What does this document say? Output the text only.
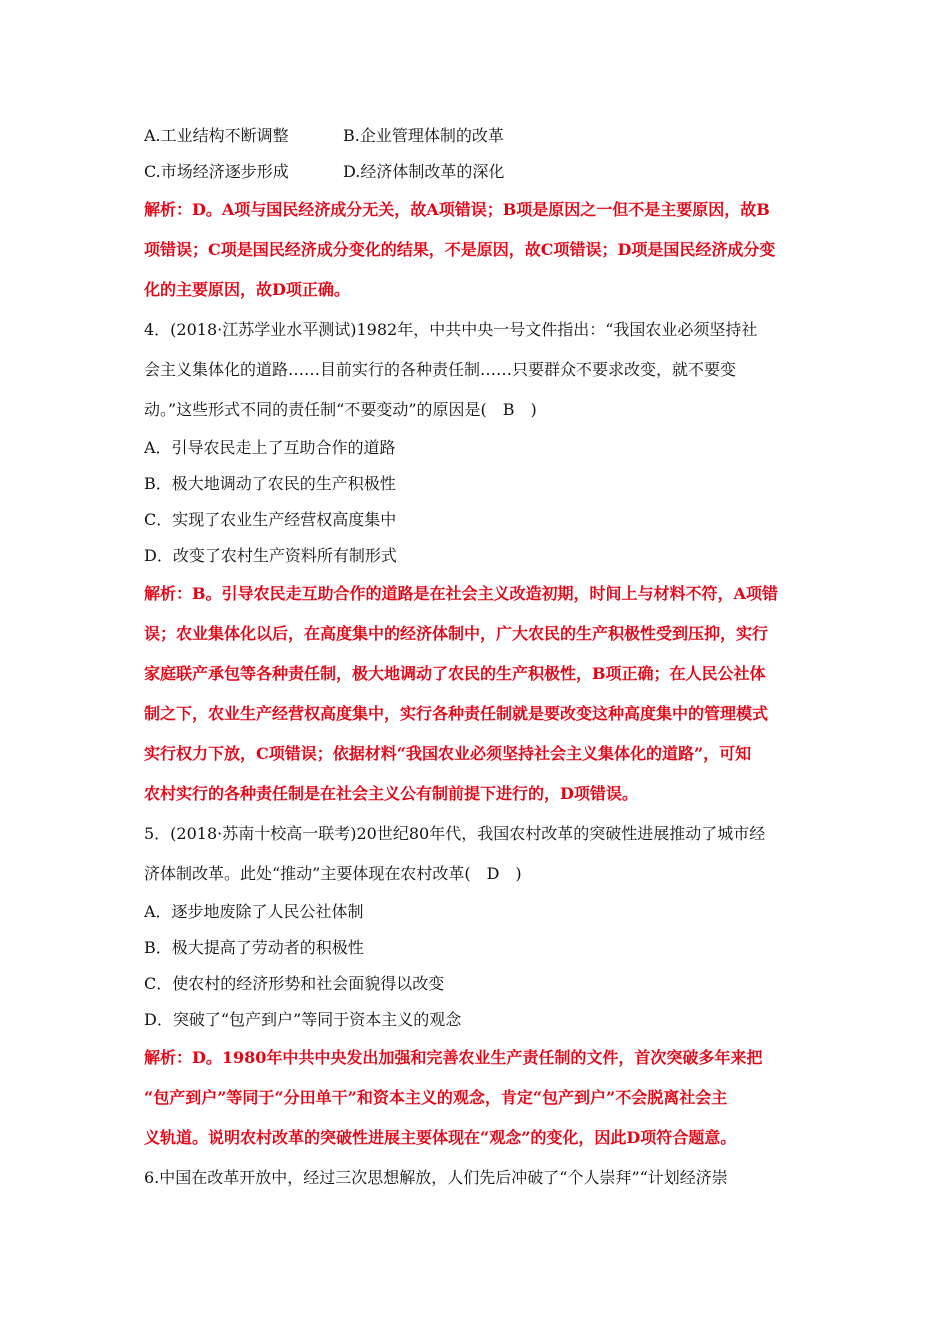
A.工业结构不断调整	B.企业管理体制的改革
C.市场经济逐步形成	D.经济体制改革的深化
解析：D。A项与国民经济成分无关，故A项错误；B项是原因之一但不是主要原因，故B
项错误；C项是国民经济成分变化的结果，不是原因，故C项错误；D项是国民经济成分变
化的主要原因，故D项正确。
4．(2018·江苏学业水平测试)1982年，中共中央一号文件指出：“我国农业必须坚持社
会主义集体化的道路……目前实行的各种责任制……只要群众不要求改变，就不要变
动。”这些形式不同的责任制“不要变动”的原因是(　B　)
A．引导农民走上了互助合作的道路
B．极大地调动了农民的生产积极性
C．实现了农业生产经营权高度集中
D．改变了农村生产资料所有制形式
解析：B。引导农民走互助合作的道路是在社会主义改造初期，时间上与材料不符，A项错
误；农业集体化以后，在高度集中的经济体制中，广大农民的生产积极性受到压抑，实行
家庭联产承包等各种责任制，极大地调动了农民的生产积极性，B项正确；在人民公社体
制之下，农业生产经营权高度集中，实行各种责任制就是要改变这种高度集中的管理模式
实行权力下放，C项错误；依据材料“我国农业必须坚持社会主义集体化的道路”，可知
农村实行的各种责任制是在社会主义公有制前提下进行的，D项错误。
5．(2018·苏南十校高一联考)20世纪80年代，我国农村改革的突破性进展推动了城市经
济体制改革。此处“推动”主要体现在农村改革(　D　)
A．逐步地废除了人民公社体制
B．极大提高了劳动者的积极性
C．使农村的经济形势和社会面貌得以改变
D．突破了“包产到户”等同于资本主义的观念
解析：D。1980年中共中央发出加强和完善农业生产责任制的文件，首次突破多年来把
“包产到户”等同于“分田单干”和资本主义的观念，肯定“包产到户”不会脱离社会主
义轨道。说明农村改革的突破性进展主要体现在“观念”的变化，因此D项符合题意。
6.中国在改革开放中，经过三次思想解放，人们先后冲破了“个人崇拜”“计划经济崇
